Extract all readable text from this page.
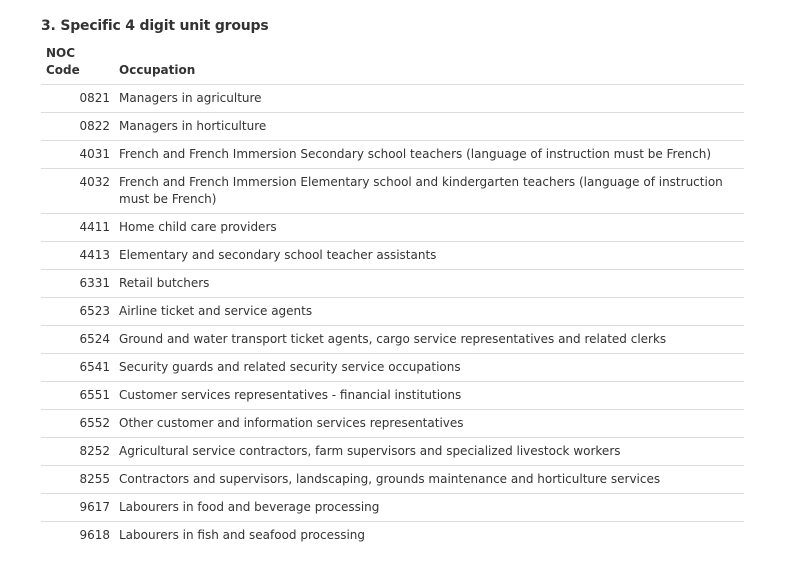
3. Specific 4 digit unit groups
NOC
Code	Occupation
0821	Managers in agriculture
0822	Managers in horticulture
4031	French and French Immersion Secondary school teachers (language of instruction must be French)
4032	French and French Immersion Elementary school and kindergarten teachers (language of instruction must be French)
4411	Home child care providers
4413	Elementary and secondary school teacher assistants
6331	Retail butchers
6523	Airline ticket and service agents
6524	Ground and water transport ticket agents, cargo service representatives and related clerks
6541	Security guards and related security service occupations
6551	Customer services representatives - financial institutions
6552	Other customer and information services representatives
8252	Agricultural service contractors, farm supervisors and specialized livestock workers
8255	Contractors and supervisors, landscaping, grounds maintenance and horticulture services
9617	Labourers in food and beverage processing
9618	Labourers in fish and seafood processing
